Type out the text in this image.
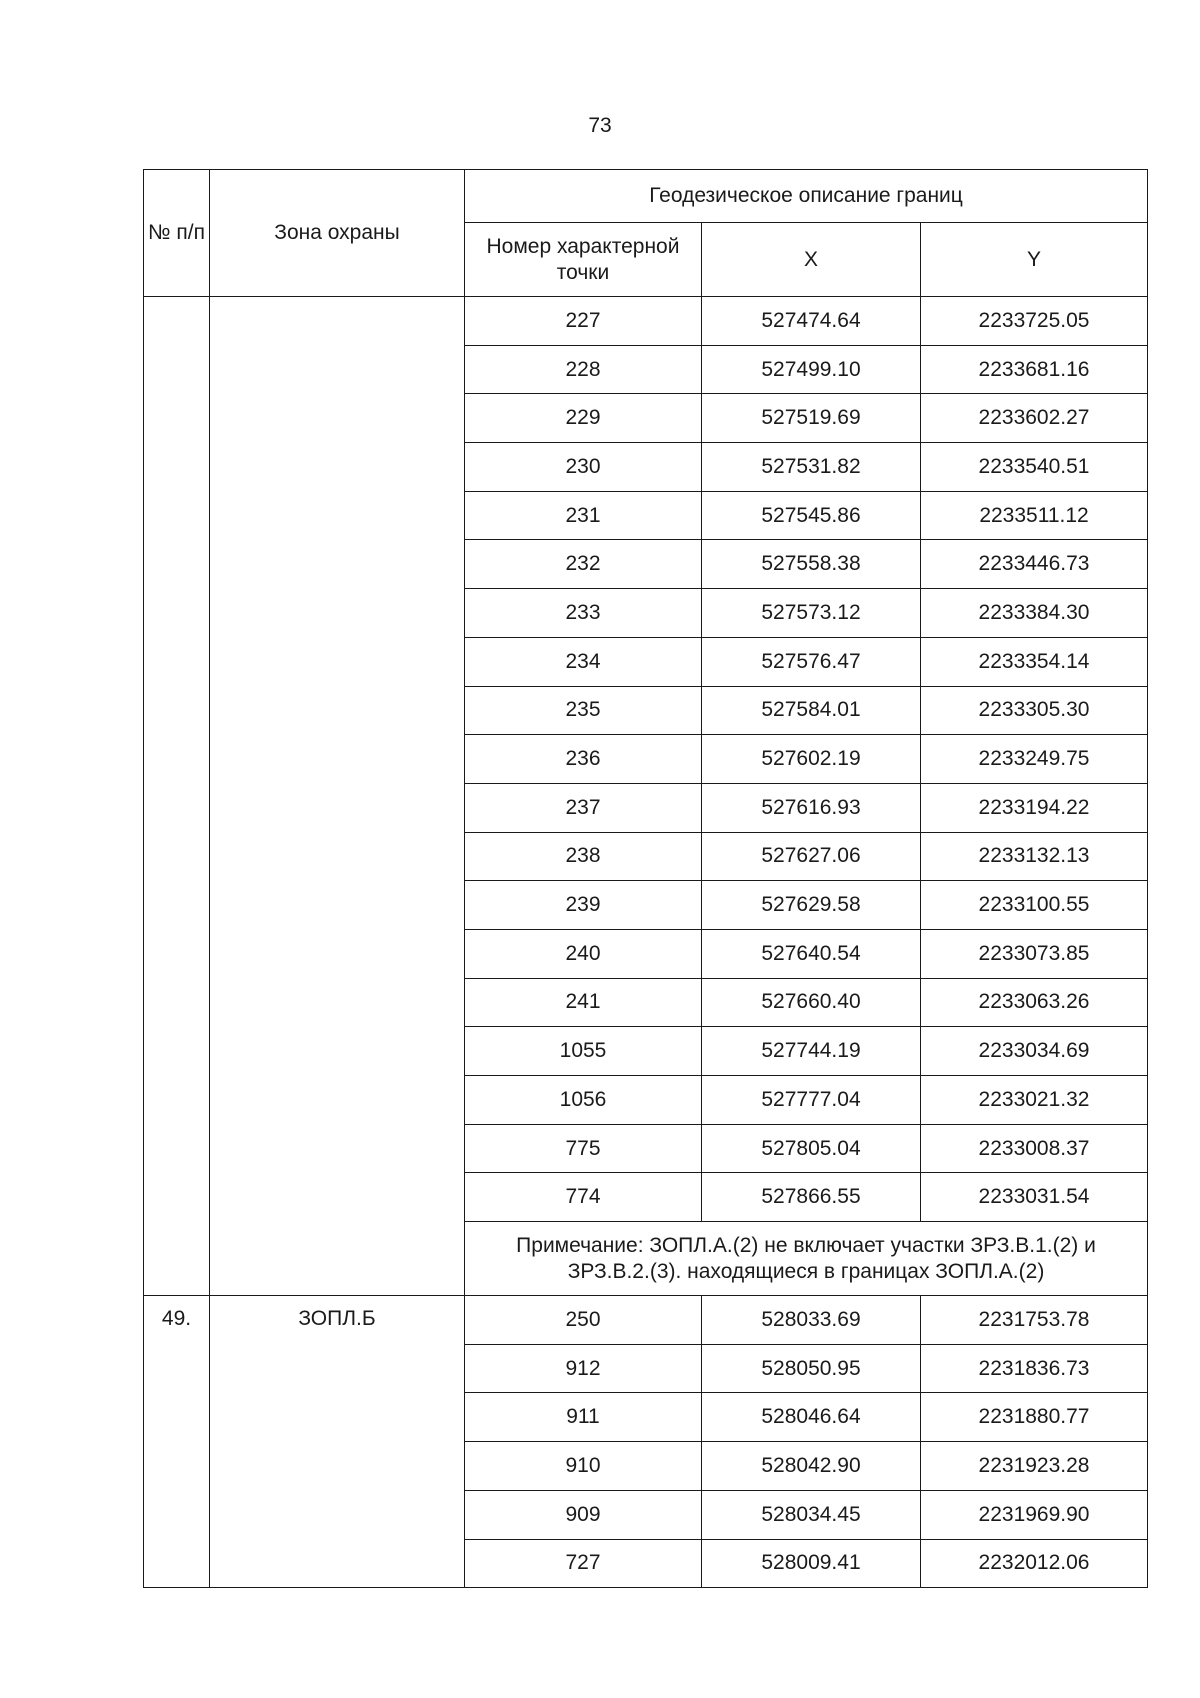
73
№ п/п	Зона охраны	Геодезическое описание границ		
		Номер характерной точки	X	Y
		227	527474.64	2233725.05
		228	527499.10	2233681.16
		229	527519.69	2233602.27
		230	527531.82	2233540.51
		231	527545.86	2233511.12
		232	527558.38	2233446.73
		233	527573.12	2233384.30
		234	527576.47	2233354.14
		235	527584.01	2233305.30
		236	527602.19	2233249.75
		237	527616.93	2233194.22
		238	527627.06	2233132.13
		239	527629.58	2233100.55
		240	527640.54	2233073.85
		241	527660.40	2233063.26
		1055	527744.19	2233034.69
		1056	527777.04	2233021.32
		775	527805.04	2233008.37
		774	527866.55	2233031.54
		Примечание: ЗОПЛ.А.(2) не включает участки ЗРЗ.В.1.(2) и ЗРЗ.В.2.(3). находящиеся в границах ЗОПЛ.А.(2)		
49.	ЗОПЛ.Б	250	528033.69	2231753.78
		912	528050.95	2231836.73
		911	528046.64	2231880.77
		910	528042.90	2231923.28
		909	528034.45	2231969.90
		727	528009.41	2232012.06
